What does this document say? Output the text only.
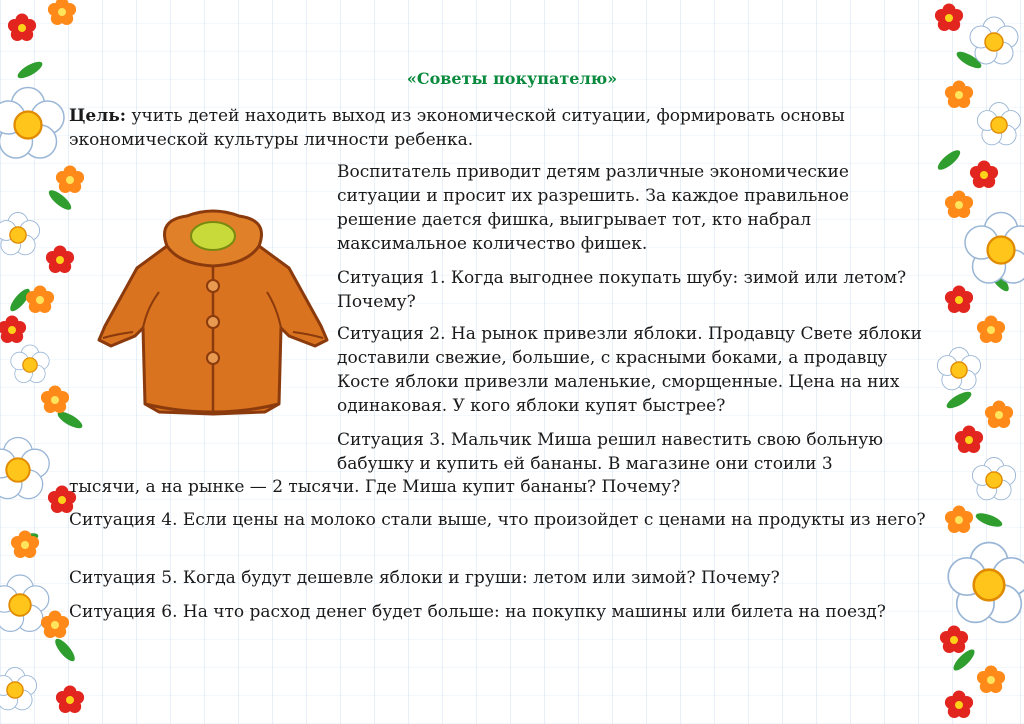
«Советы покупателю»
Цель: учить детей находить выход из экономической ситуации, формировать основы экономической культуры личности ребенка.

Воспитатель приводит детям различные экономические ситуации и просит их разрешить. За каждое правильное решение дается фишка, выигрывает тот, кто набрал максимальное количество фишек.

Ситуация 1. Когда выгоднее покупать шубу: зимой или летом? Почему?

Ситуация 2. На рынок привезли яблоки. Продавцу Свете яблоки доставили свежие, большие, с красными боками, а продавцу Косте яблоки привезли маленькие, сморщенные. Цена на них одинаковая. У кого яблоки купят быстрее?

Ситуация 3. Мальчик Миша решил навестить свою больную бабушку и купить ей бананы. В магазине они стоили 3

тысячи, а на рынке — 2 тысячи. Где Миша купит бананы? Почему?

Ситуация 4. Если цены на молоко стали выше, что произойдет с ценами на продукты из него?

Ситуация 5. Когда будут дешевле яблоки и груши: летом или зимой? Почему?

Ситуация 6. На что расход денег будет больше: на покупку машины или билета на поезд?
